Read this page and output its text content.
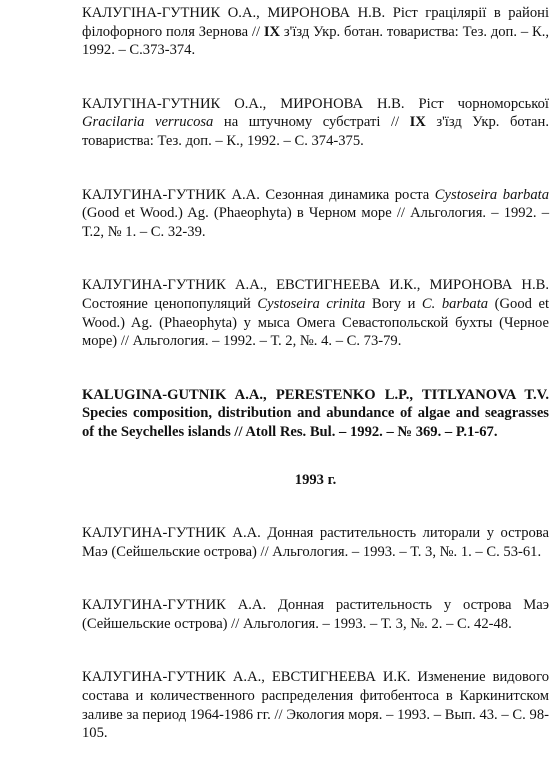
КАЛУГІНА-ГУТНИК О.А., МИРОНОВА Н.В. Ріст грацілярії в районі філофорного поля Зернова // IX з'їзд Укр. ботан. товариства: Тез. доп. – К., 1992. – С.373-374.

КАЛУГІНА-ГУТНИК О.А., МИРОНОВА Н.В. Ріст чорноморської Gracilaria verrucosa на штучному субстраті // IX з'їзд Укр. ботан. товариства: Тез. доп. – К., 1992. – С. 374-375.

КАЛУГИНА-ГУТНИК А.А. Сезонная динамика роста Cystoseira barbata (Good et Wood.) Ag. (Phaeophyta) в Черном море // Альгология. – 1992. – Т.2, № 1. – С. 32-39.

КАЛУГИНА-ГУТНИК А.А., ЕВСТИГНЕЕВА И.К., МИРОНОВА Н.В. Состояние ценопопуляций Cystoseira crinita Bory и C. barbata (Good et Wood.) Ag. (Phaeophyta) у мыса Омега Севастопольской бухты (Черное море) // Альгология. – 1992. – Т. 2, №. 4. – С. 73-79.

KALUGINA-GUTNIK A.A., PERESTENKO L.P., TITLYANOVA T.V. Species composition, distribution and abundance of algae and seagrasses of the Seychelles islands // Atoll Res. Bul. – 1992. – № 369. – P.1-67.

1993 г.

КАЛУГИНА-ГУТНИК А.А. Донная растительность литорали у острова Маэ (Сейшельские острова) // Альгология. – 1993. – Т. 3, №. 1. – С. 53-61.

КАЛУГИНА-ГУТНИК А.А. Донная растительность у острова Маэ (Сейшельские острова) // Альгология. – 1993. – Т. 3, №. 2. – С. 42-48.

КАЛУГИНА-ГУТНИК А.А., ЕВСТИГНЕЕВА И.К. Изменение видового состава и количественного распределения фитобентоса в Каркинитском заливе за период 1964-1986 гг. // Экология моря. – 1993. – Вып. 43. – С. 98-105.
